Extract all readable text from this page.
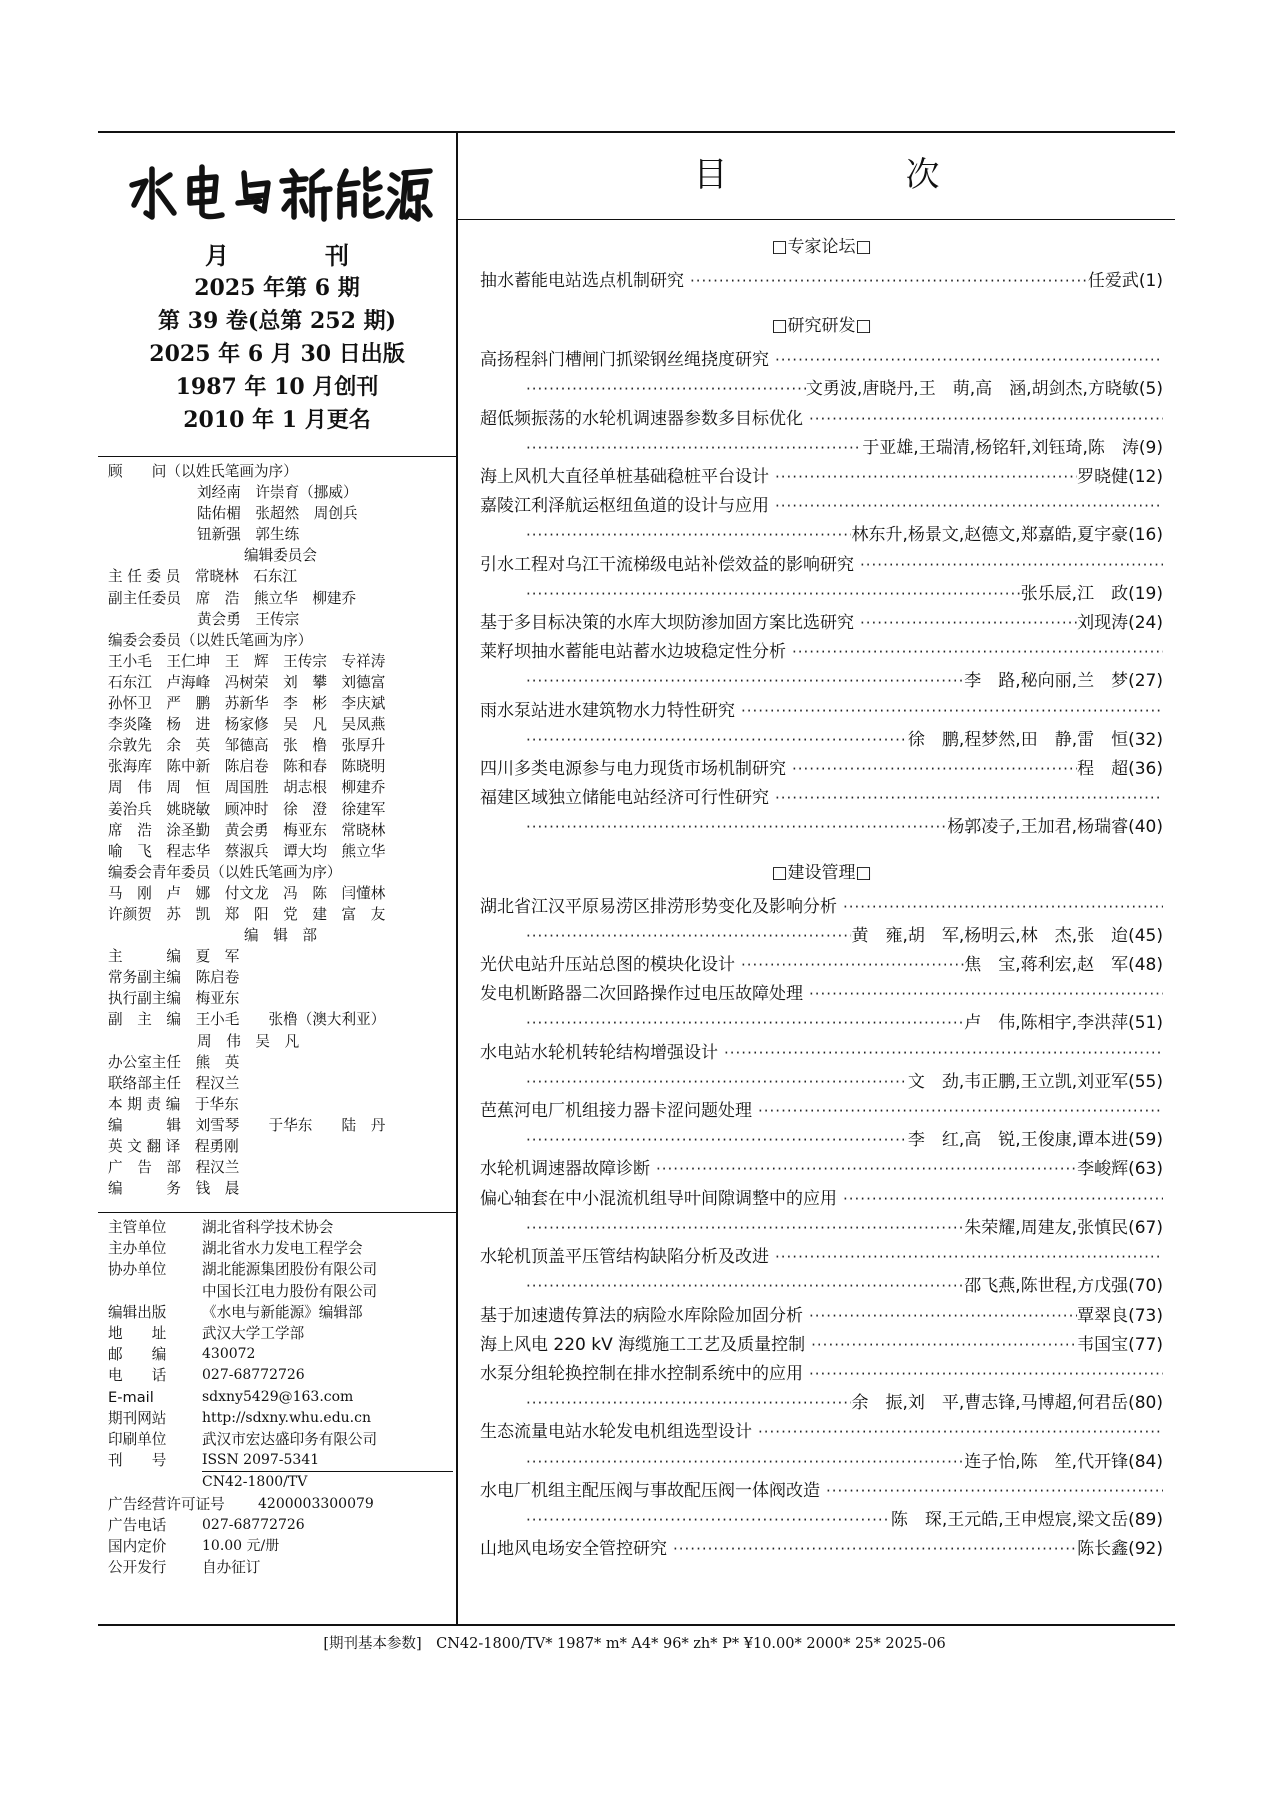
月　刊
2025 年第 6 期
第 39 卷(总第 252 期)
2025 年 6 月 30 日出版
1987 年 10 月创刊
2010 年 1 月更名
顾　　问（以姓氏笔画为序）
刘经南　许崇育（挪威）
陆佑楣　张超然　周创兵
钮新强　郭生练
编辑委员会
主 任 委 员　常晓林　石东江
副主任委员　席　浩　熊立华　柳建乔
黄会勇　王传宗
编委会委员（以姓氏笔画为序）
王小毛　王仁坤　王　辉　王传宗　专祥涛
石东江　卢海峰　冯树荣　刘　攀　刘德富
孙怀卫　严　鹏　苏新华　李　彬　李庆斌
李炎隆　杨　进　杨家修　吴　凡　吴凤燕
佘敦先　余　英　邹德高　张　橹　张厚升
张海库　陈中新　陈启卷　陈和春　陈晓明
周　伟　周　恒　周国胜　胡志根　柳建乔
姜治兵　姚晓敏　顾冲时　徐　澄　徐建军
席　浩　涂圣勤　黄会勇　梅亚东　常晓林
喻　飞　程志华　蔡淑兵　谭大均　熊立华
编委会青年委员（以姓氏笔画为序）
马　刚　卢　娜　付文龙　冯　陈　闫懂林
许颜贺　苏　凯　郑　阳　党　建　富　友
编　辑　部
主　　　编　夏　军
常务副主编　陈启卷
执行副主编　梅亚东
副　主　编　王小毛　　张橹（澳大利亚）
周　伟　吴　凡
办公室主任　熊　英
联络部主任　程汉兰
本 期 责 编　于华东
编　　　辑　刘雪琴　　于华东　　陆　丹
英 文 翻 译　程勇刚
广　告　部　程汉兰
编　　　务　钱　晨
主管单位	湖北省科学技术协会
主办单位	湖北省水力发电工程学会
协办单位	湖北能源集团股份有限公司
中国长江电力股份有限公司
编辑出版	《水电与新能源》编辑部
地　　址	武汉大学工学部
邮　　编	430072
电　　话	027-68772726
E-mail	sdxny5429@163.com
期刊网站	http://sdxny.whu.edu.cn
印刷单位	武汉市宏达盛印务有限公司
刊　　号	ISSN 2097-5341
CN42-1800/TV
广告经营许可证号	4200003300079
广告电话	027-68772726
国内定价	10.00 元/册
公开发行	自办征订
目　次
□专家论坛□
抽水蓄能电站选点机制研究 ·····	任爱武(1)
□研究研发□
高扬程斜门槽闸门抓梁钢丝绳挠度研究
·····
·····
文勇波,唐晓丹,王　萌,高　涵,胡剑杰,方晓敏(5)
超低频振荡的水轮机调速器参数多目标优化
·····
·····
于亚雄,王瑞清,杨铭轩,刘钰琦,陈　涛(9)
海上风机大直径单桩基础稳桩平台设计 ·····	罗晓健(12)
嘉陵江利泽航运枢纽鱼道的设计与应用
·····
·····
林东升,杨景文,赵德文,郑嘉皓,夏宇豪(16)
引水工程对乌江干流梯级电站补偿效益的影响研究
·····
·····
张乐辰,江　政(19)
基于多目标决策的水库大坝防渗加固方案比选研究 ·····	刘现涛(24)
莱籽坝抽水蓄能电站蓄水边坡稳定性分析
·····
·····
李　路,秘向丽,兰　梦(27)
雨水泵站进水建筑物水力特性研究
·····
·····
徐　鹏,程梦然,田　静,雷　恒(32)
四川多类电源参与电力现货市场机制研究 ·····	程　超(36)
福建区域独立储能电站经济可行性研究
·····
·····
杨郭凌子,王加君,杨瑞睿(40)
□建设管理□
湖北省江汉平原易涝区排涝形势变化及影响分析
·····
·····
黄　雍,胡　军,杨明云,林　杰,张　迨(45)
光伏电站升压站总图的模块化设计 ·····	焦　宝,蒋利宏,赵　军(48)
发电机断路器二次回路操作过电压故障处理
·····
·····
卢　伟,陈相宇,李洪萍(51)
水电站水轮机转轮结构增强设计
·····
·····
文　劲,韦正鹏,王立凯,刘亚军(55)
芭蕉河电厂机组接力器卡涩问题处理
·····
·····
李　红,高　锐,王俊康,谭本进(59)
水轮机调速器故障诊断 ·····	李峻辉(63)
偏心轴套在中小混流机组导叶间隙调整中的应用
·····
·····
朱荣耀,周建友,张慎民(67)
水轮机顶盖平压管结构缺陷分析及改进
·····
·····
邵飞燕,陈世程,方戊强(70)
基于加速遗传算法的病险水库除险加固分析 ·····	覃翠良(73)
海上风电 220 kV 海缆施工工艺及质量控制 ·····	韦国宝(77)
水泵分组轮换控制在排水控制系统中的应用
·····
·····
余　振,刘　平,曹志锋,马博超,何君岳(80)
生态流量电站水轮发电机组选型设计
·····
·····
连子怡,陈　笙,代开锋(84)
水电厂机组主配压阀与事故配压阀一体阀改造
·····
·····
陈　琛,王元皓,王申煜宸,梁文岳(89)
山地风电场安全管控研究 ·····	陈长鑫(92)
[期刊基本参数]　CN42-1800/TV* 1987* m* A4* 96* zh* P* ¥10.00* 2000* 25* 2025-06
